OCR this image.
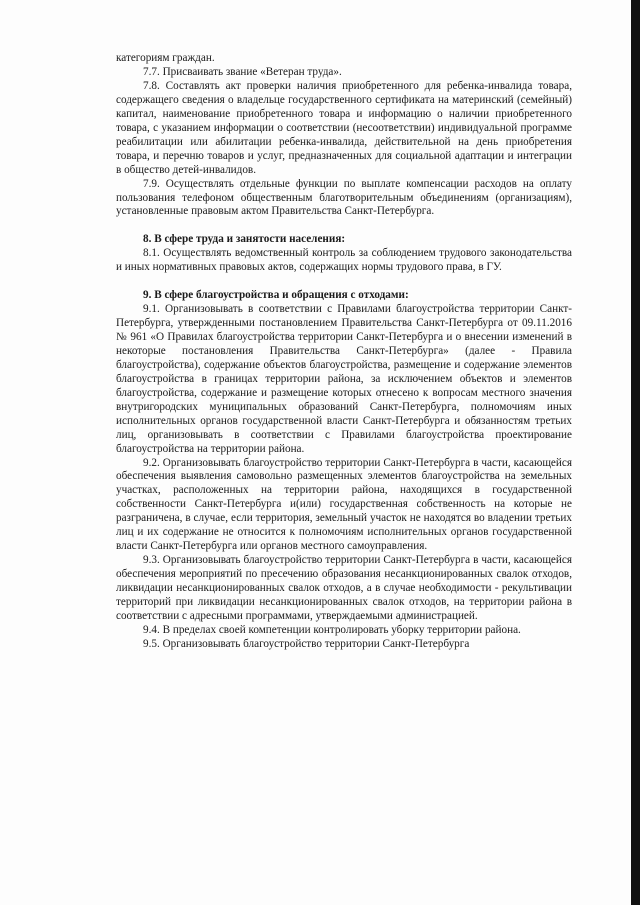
категориям граждан.

7.7. Присваивать звание «Ветеран труда».

7.8. Составлять акт проверки наличия приобретенного для ребенка-инвалида товара, содержащего сведения о владельце государственного сертификата на материнский (семейный) капитал, наименование приобретенного товара и информацию о наличии приобретенного товара, с указанием информации о соответствии (несоответствии) индивидуальной программе реабилитации или абилитации ребенка-инвалида, действительной на день приобретения товара, и перечню товаров и услуг, предназначенных для социальной адаптации и интеграции в общество детей-инвалидов.

7.9. Осуществлять отдельные функции по выплате компенсации расходов на оплату пользования телефоном общественным благотворительным объединениям (организациям), установленные правовым актом Правительства Санкт-Петербурга.

8. В сфере труда и занятости населения:

8.1. Осуществлять ведомственный контроль за соблюдением трудового законодательства и иных нормативных правовых актов, содержащих нормы трудового права, в ГУ.

9. В сфере благоустройства и обращения с отходами:

9.1. Организовывать в соответствии с Правилами благоустройства территории Санкт-Петербурга, утвержденными постановлением Правительства Санкт-Петербурга от 09.11.2016 № 961 «О Правилах благоустройства территории Санкт-Петербурга и о внесении изменений в некоторые постановления Правительства Санкт-Петербурга» (далее - Правила благоустройства), содержание объектов благоустройства, размещение и содержание элементов благоустройства в границах территории района, за исключением объектов и элементов благоустройства, содержание и размещение которых отнесено к вопросам местного значения внутригородских муниципальных образований Санкт-Петербурга, полномочиям иных исполнительных органов государственной власти Санкт-Петербурга и обязанностям третьих лиц, организовывать в соответствии с Правилами благоустройства проектирование благоустройства на территории района.

9.2. Организовывать благоустройство территории Санкт-Петербурга в части, касающейся обеспечения выявления самовольно размещенных элементов благоустройства на земельных участках, расположенных на территории района, находящихся в государственной собственности Санкт-Петербурга и(или) государственная собственность на которые не разграничена, в случае, если территория, земельный участок не находятся во владении третьих лиц и их содержание не относится к полномочиям исполнительных органов государственной власти Санкт-Петербурга или органов местного самоуправления.

9.3. Организовывать благоустройство территории Санкт-Петербурга в части, касающейся обеспечения мероприятий по пресечению образования несанкционированных свалок отходов, ликвидации несанкционированных свалок отходов, а в случае необходимости - рекультивации территорий при ликвидации несанкционированных свалок отходов, на территории района в соответствии с адресными программами, утверждаемыми администрацией.

9.4. В пределах своей компетенции контролировать уборку территории района.

9.5. Организовывать благоустройство территории Санкт-Петербурга
